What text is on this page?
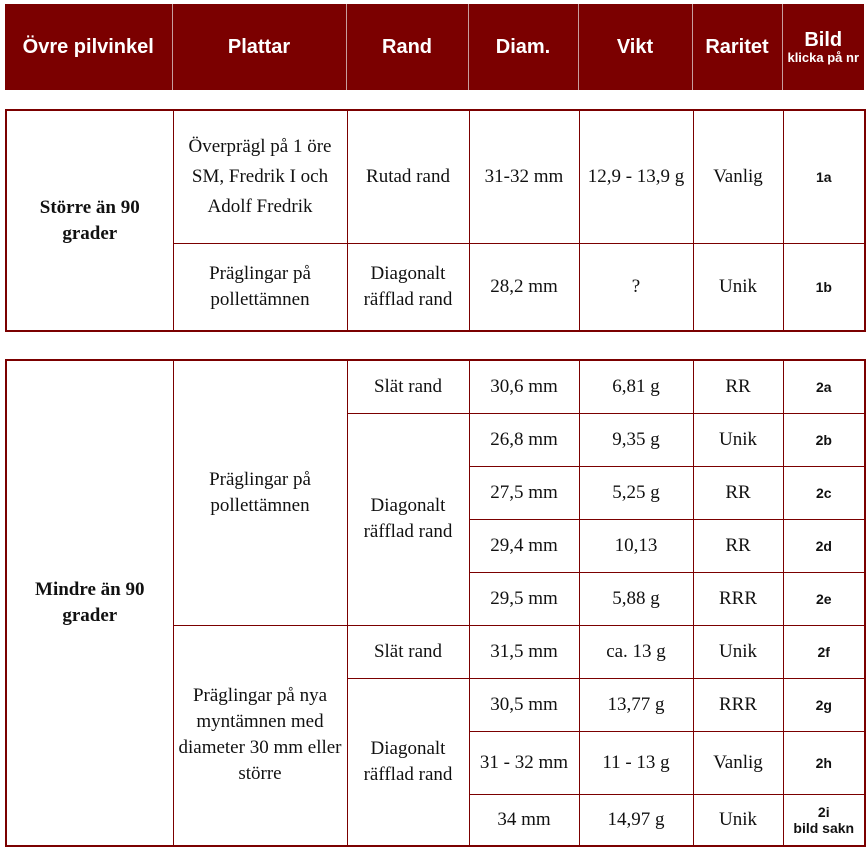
Övre pilvinkel	Plattar	Rand	Diam.	Vikt	Raritet	Bild
klicka på nr
Större än 90 grader	Överprägl på 1 öre SM, Fredrik I och Adolf Fredrik	Rutad rand	31-32 mm	12,9 - 13,9 g	Vanlig	1a
	Präglingar på pollettämnen	Diagonalt räfflad rand	28,2 mm	?	Unik	1b
Mindre än 90 grader	Präglingar på pollettämnen	Slät rand	30,6 mm	6,81 g	RR	2a
		Diagonalt räfflad rand	26,8 mm	9,35 g	Unik	2b
			27,5 mm	5,25 g	RR	2c
			29,4 mm	10,13	RR	2d
			29,5 mm	5,88 g	RRR	2e
	Präglingar på nya myntämnen med diameter 30 mm eller större	Slät rand	31,5 mm	ca. 13 g	Unik	2f
		Diagonalt räfflad rand	30,5 mm	13,77 g	RRR	2g
			31 - 32 mm	11 - 13 g	Vanlig	2h
			34 mm	14,97 g	Unik	2i
bild sakn
